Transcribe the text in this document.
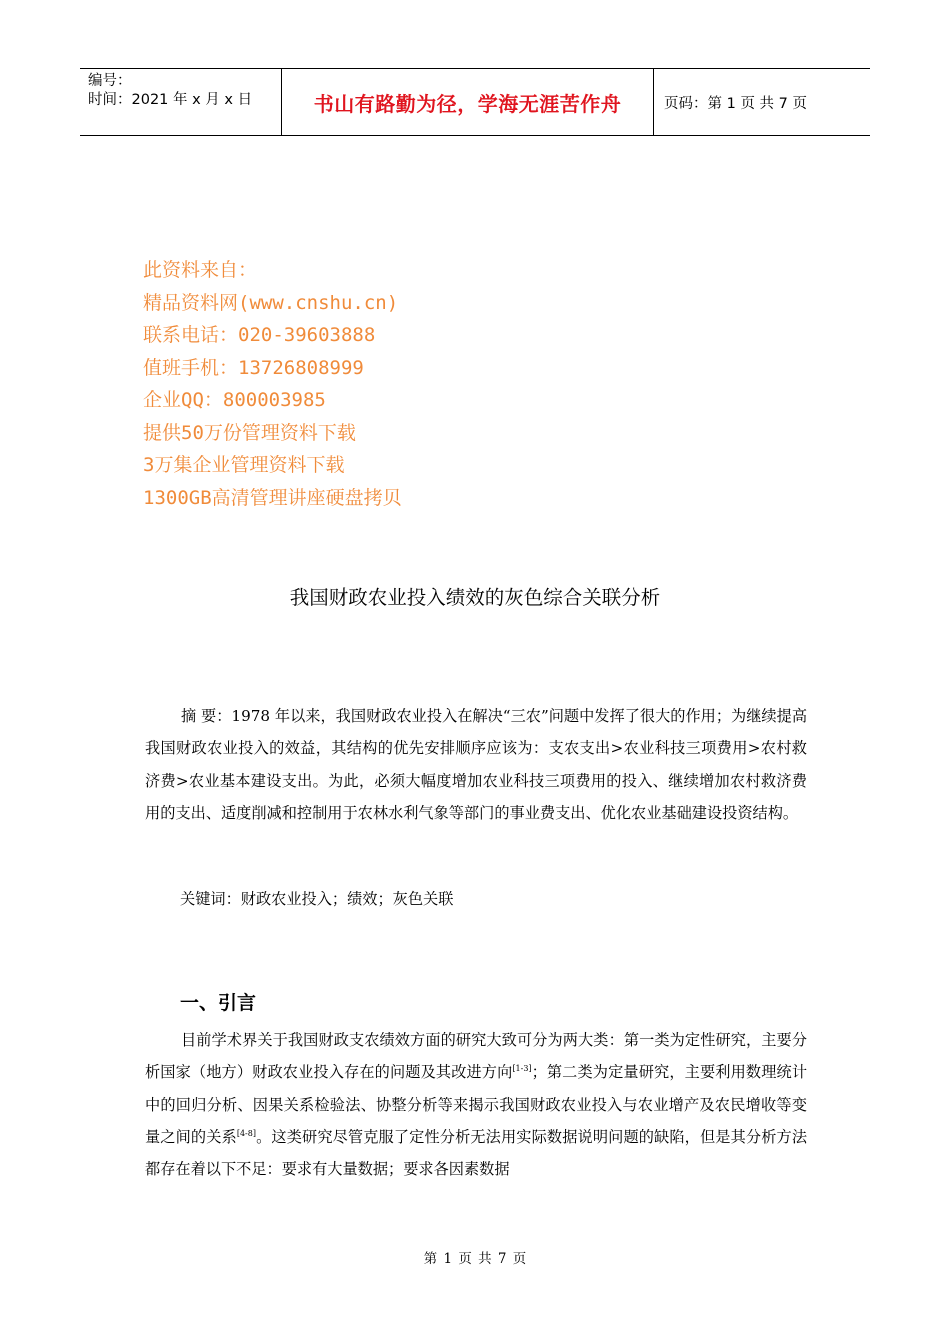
编号：
时间：2021 年 x 月 x 日	书山有路勤为径，学海无涯苦作舟	页码：第 1 页 共 7 页
此资料来自：
精品资料网(www.cnshu.cn)
联系电话：020-39603888
值班手机：13726808999
企业QQ：800003985
提供50万份管理资料下载
3万集企业管理资料下载
1300GB高清管理讲座硬盘拷贝
我国财政农业投入绩效的灰色综合关联分析
摘 要：1978 年以来，我国财政农业投入在解决“三农”问题中发挥了很大的作用；为继续提高我国财政农业投入的效益，其结构的优先安排顺序应该为：支农支出>农业科技三项费用>农村救济费>农业基本建设支出。为此，必须大幅度增加农业科技三项费用的投入、继续增加农村救济费用的支出、适度削减和控制用于农林水利气象等部门的事业费支出、优化农业基础建设投资结构。
关键词：财政农业投入；绩效；灰色关联
一、引言
目前学术界关于我国财政支农绩效方面的研究大致可分为两大类：第一类为定性研究，主要分析国家（地方）财政农业投入存在的问题及其改进方向[1-3]；第二类为定量研究，主要利用数理统计中的回归分析、因果关系检验法、协整分析等来揭示我国财政农业投入与农业增产及农民增收等变量之间的关系[4-8]。这类研究尽管克服了定性分析无法用实际数据说明问题的缺陷，但是其分析方法都存在着以下不足：要求有大量数据；要求各因素数据
第 1 页 共 7 页
